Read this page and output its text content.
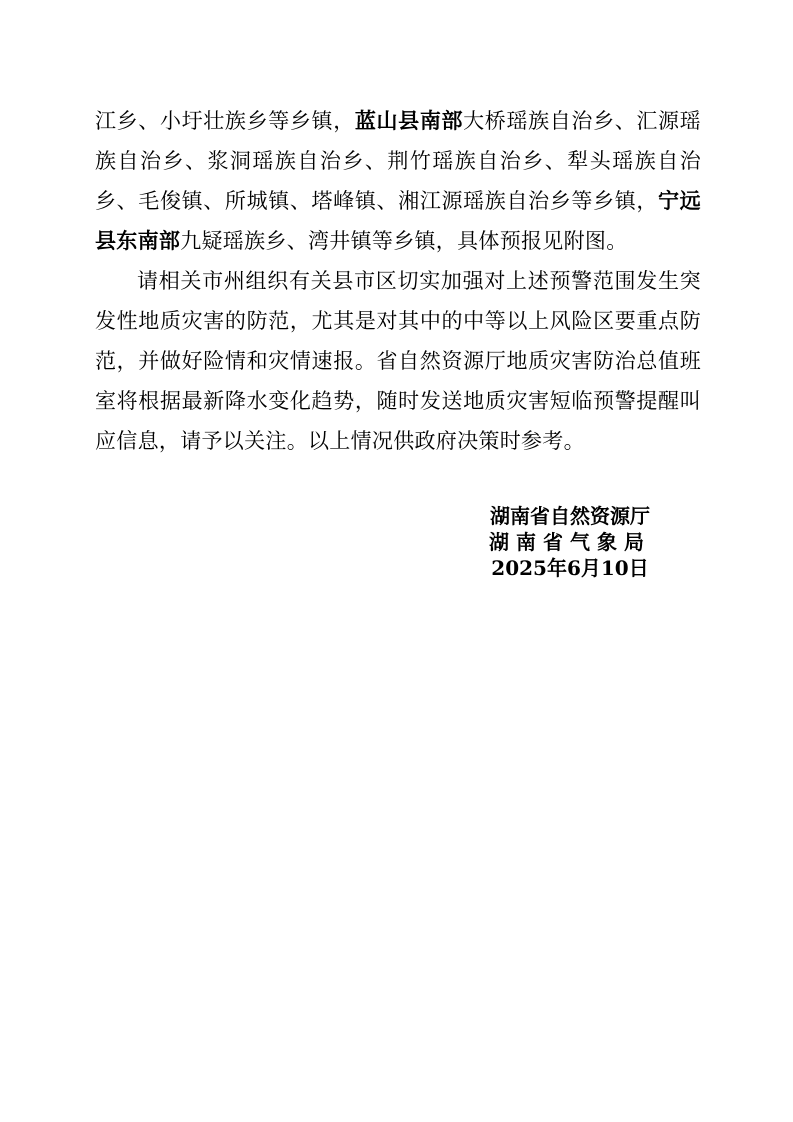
江乡、小圩壮族乡等乡镇，蓝山县南部大桥瑶族自治乡、汇源瑶族自治乡、浆洞瑶族自治乡、荆竹瑶族自治乡、犁头瑶族自治乡、毛俊镇、所城镇、塔峰镇、湘江源瑶族自治乡等乡镇，宁远县东南部九疑瑶族乡、湾井镇等乡镇，具体预报见附图。

请相关市州组织有关县市区切实加强对上述预警范围发生突发性地质灾害的防范，尤其是对其中的中等以上风险区要重点防范，并做好险情和灾情速报。省自然资源厅地质灾害防治总值班室将根据最新降水变化趋势，随时发送地质灾害短临预警提醒叫应信息，请予以关注。以上情况供政府决策时参考。

湖南省自然资源厅
湖南省气象局
2025年6月10日
